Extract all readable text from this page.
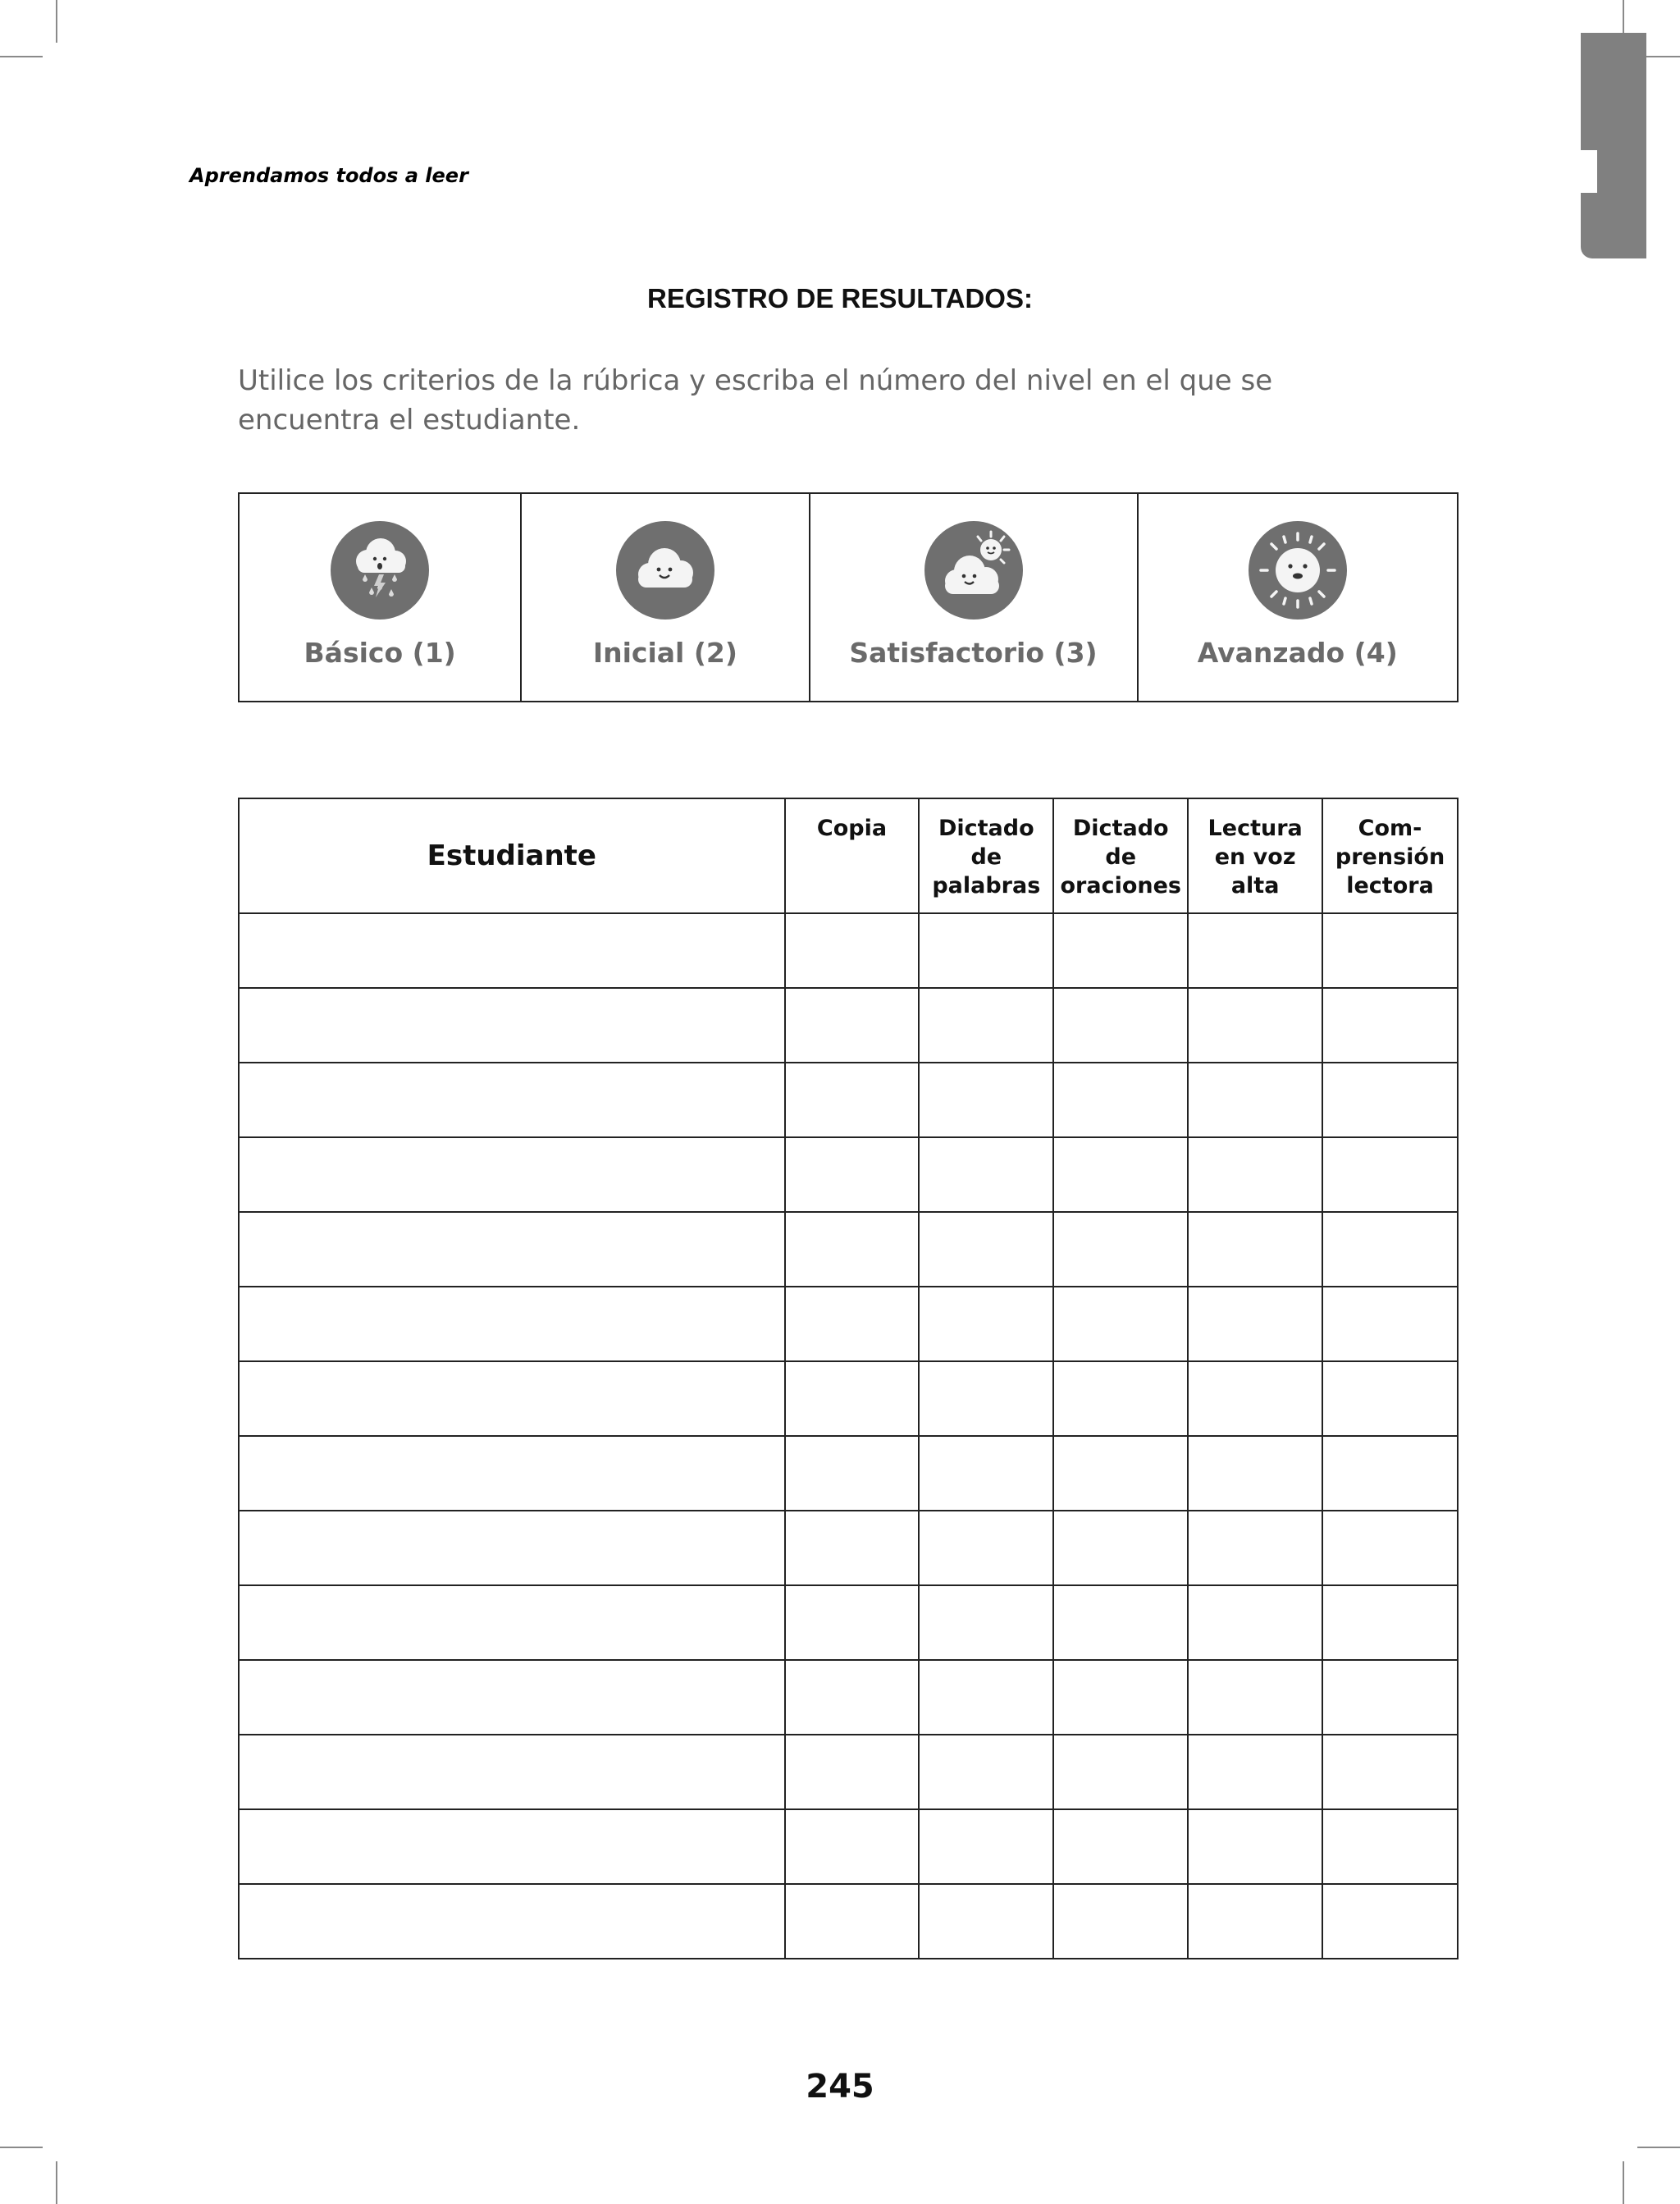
Aprendamos todos a leer
REGISTRO DE RESULTADOS:
Utilice los criterios de la rúbrica y escriba el número del nivel en el que se encuentra el estudiante.
Básico (1)	Inicial (2)	Satisfactorio (3)	Avanzado (4)
Estudiante	Copia	Dictado
de
palabras	Dictado
de
oraciones	Lectura
en voz
alta	Com-
prensión
lectora

245
